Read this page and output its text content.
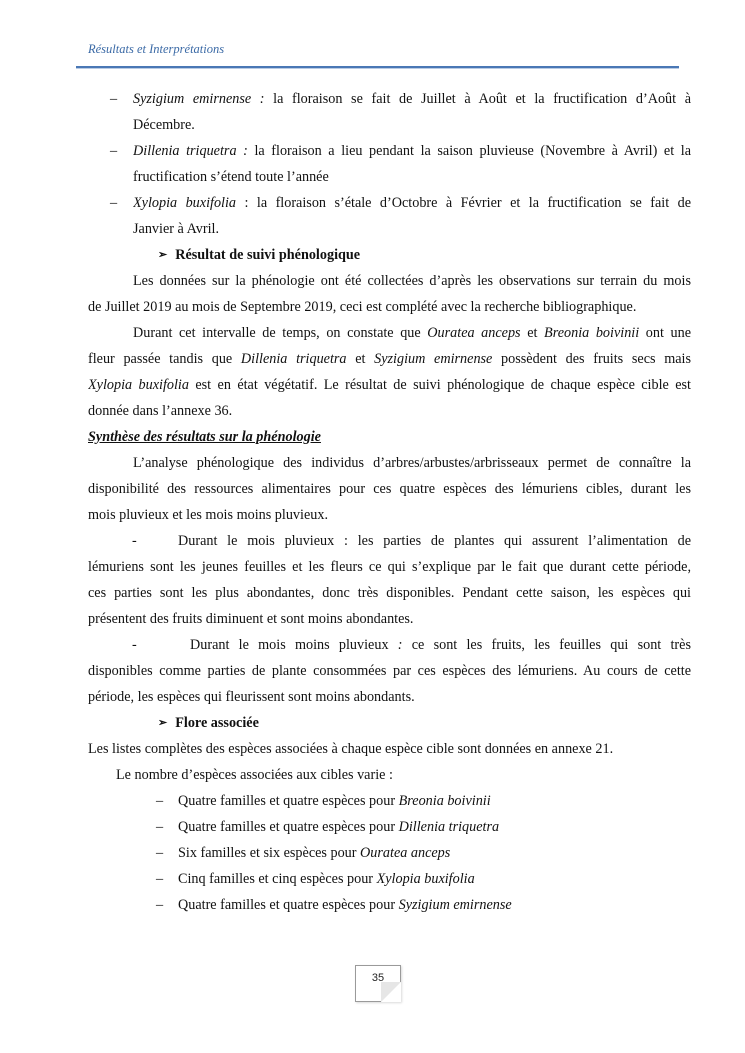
Résultats et Interprétations
– Syzigium emirnense : la floraison se fait de Juillet à Août et la fructification d’Août à
Décembre.
– Dillenia triquetra : la floraison a lieu pendant la saison pluvieuse (Novembre à Avril) et la
fructification s’étend toute l’année
– Xylopia buxifolia : la floraison s’étale d’Octobre à Février et la fructification se fait de
Janvier à Avril.
➢ Résultat de suivi phénologique
Les données sur la phénologie ont été collectées d’après les observations sur terrain du mois
de Juillet 2019 au mois de Septembre 2019, ceci est complété avec la recherche bibliographique.
Durant cet intervalle de temps, on constate que Ouratea anceps et Breonia boivinii ont une
fleur passée tandis que Dillenia triquetra et Syzigium emirnense possèdent des fruits secs mais
Xylopia buxifolia est en état végétatif. Le résultat de suivi phénologique de chaque espèce cible est
donnée dans l’annexe 36.
Synthèse des résultats sur la phénologie
L’analyse phénologique des individus d’arbres/arbustes/arbrisseaux permet de connaître la
disponibilité des ressources alimentaires pour ces quatre espèces des lémuriens cibles, durant les
mois pluvieux et les mois moins pluvieux.
-	Durant le mois pluvieux : les parties de plantes qui assurent l’alimentation de
lémuriens sont les jeunes feuilles et les fleurs ce qui s’explique par le fait que durant cette période,
ces parties sont les plus abondantes, donc très disponibles. Pendant cette saison, les espèces qui
présentent des fruits diminuent et sont moins abondantes.
-	Durant le mois moins pluvieux : ce sont les fruits, les feuilles qui sont très
disponibles comme parties de plante consommées par ces espèces des lémuriens. Au cours de cette
période, les espèces qui fleurissent sont moins abondants.
➢ Flore associée
Les listes complètes des espèces associées à chaque espèce cible sont données en annexe 21.
Le nombre d’espèces associées aux cibles varie :
– Quatre familles et quatre espèces pour Breonia boivinii
– Quatre familles et quatre espèces pour Dillenia triquetra
– Six familles et six espèces pour Ouratea anceps
– Cinq familles et cinq espèces pour Xylopia buxifolia
– Quatre familles et quatre espèces pour Syzigium emirnense
35
